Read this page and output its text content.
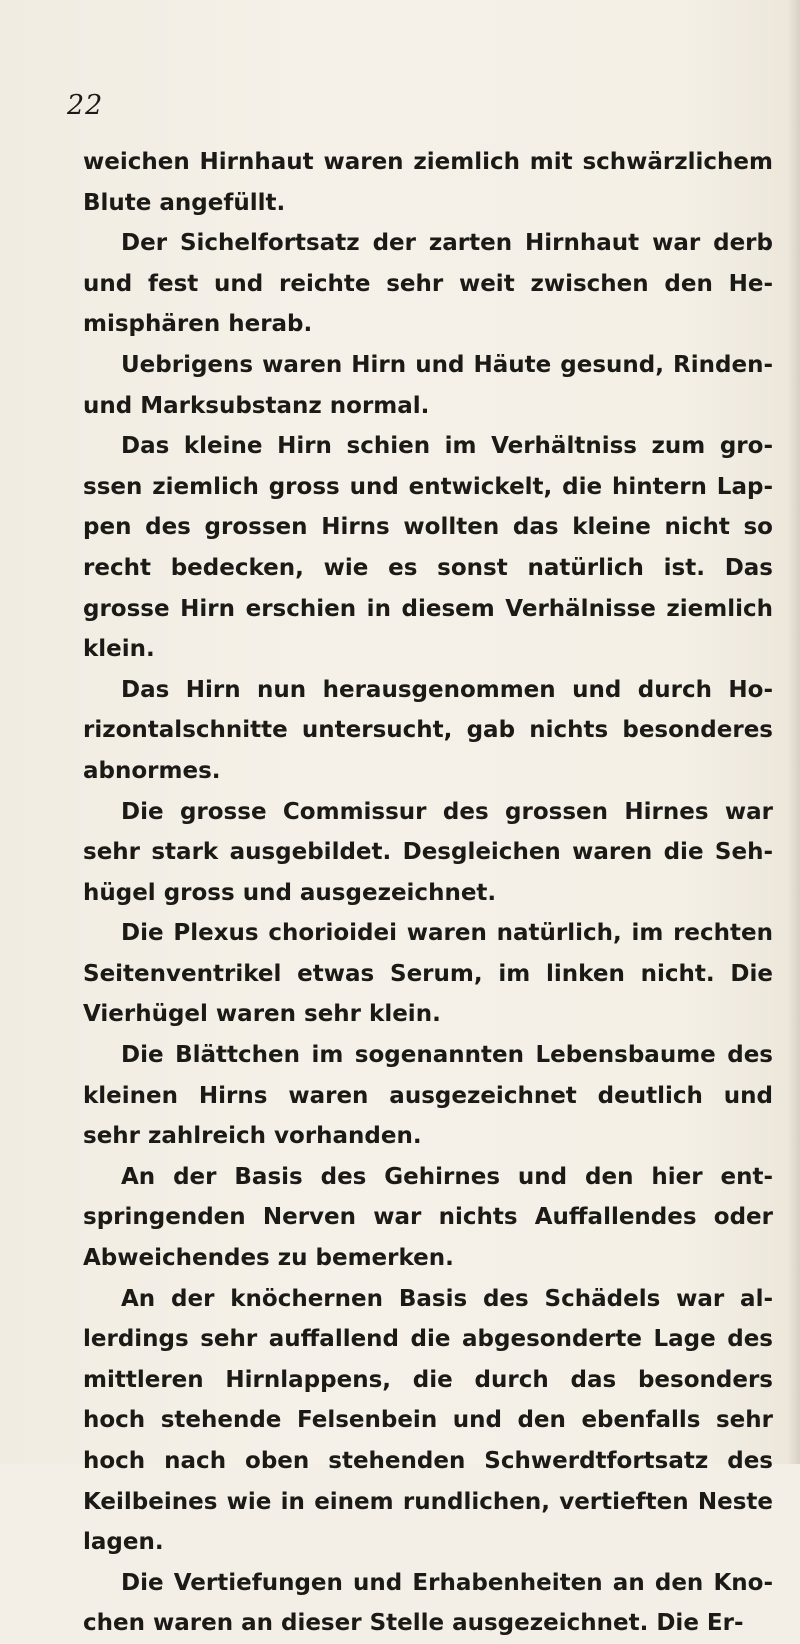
22

weichen Hirnhaut waren ziemlich mit schwärzlichem Blute angefüllt.

Der Sichelfortsatz der zarten Hirnhaut war derb und fest und reichte sehr weit zwischen den Hemisphären herab.

Uebrigens waren Hirn und Häute gesund, Rinden- und Marksubstanz normal.

Das kleine Hirn schien im Verhältniss zum grossen ziemlich gross und entwickelt, die hintern Lappen des grossen Hirns wollten das kleine nicht so recht bedecken, wie es sonst natürlich ist. Das grosse Hirn erschien in diesem Verhälnisse ziemlich klein.

Das Hirn nun herausgenommen und durch Horizontalschnitte untersucht, gab nichts besonderes abnormes.

Die grosse Commissur des grossen Hirnes war sehr stark ausgebildet. Desgleichen waren die Sehhügel gross und ausgezeichnet.

Die Plexus chorioidei waren natürlich, im rechten Seitenventrikel etwas Serum, im linken nicht. Die Vierhügel waren sehr klein.

Die Blättchen im sogenannten Lebensbaume des kleinen Hirns waren ausgezeichnet deutlich und sehr zahlreich vorhanden.

An der Basis des Gehirnes und den hier entspringenden Nerven war nichts Auffallendes oder Abweichendes zu bemerken.

An der knöchernen Basis des Schädels war allerdings sehr auffallend die abgesonderte Lage des mittleren Hirnlappens, die durch das besonders hoch stehende Felsenbein und den ebenfalls sehr hoch nach oben stehenden Schwerdtfortsatz des Keilbeines wie in einem rundlichen, vertieften Neste lagen.

Die Vertiefungen und Erhabenheiten an den Knochen waren an dieser Stelle ausgezeichnet. Die Er-
